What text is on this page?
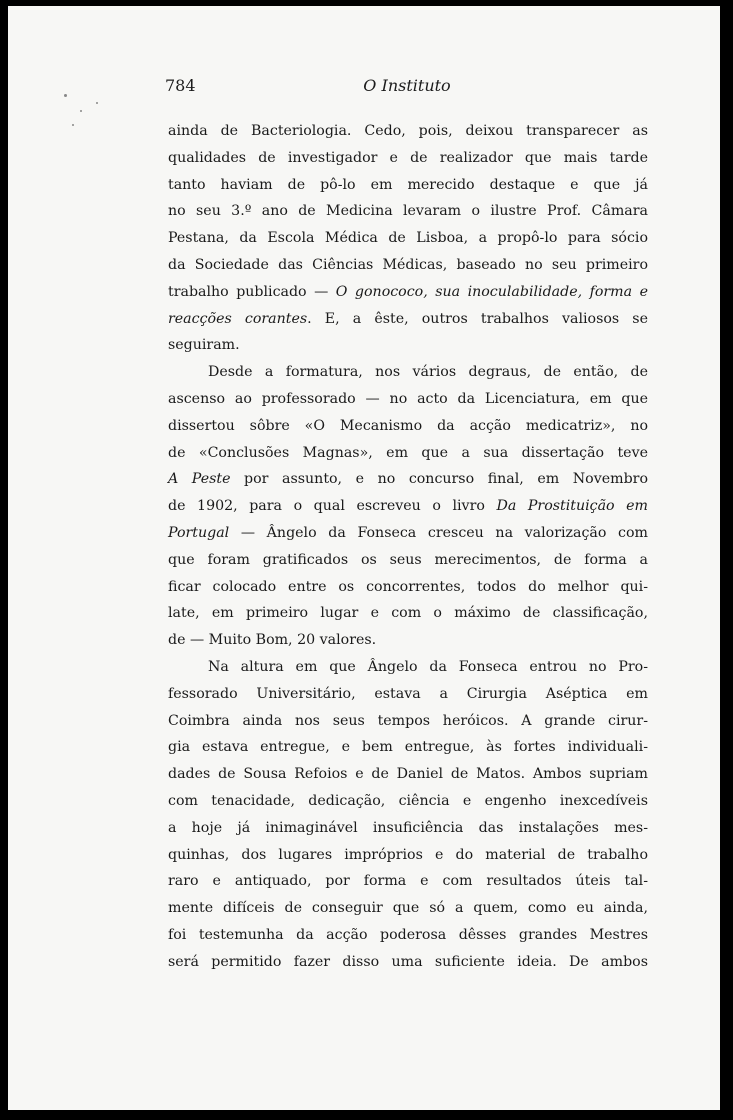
784	O Instituto
ainda de Bacteriologia. Cedo, pois, deixou transparecer as
qualidades de investigador e de realizador que mais tarde
tanto haviam de pô-lo em merecido destaque e que já
no seu 3.º ano de Medicina levaram o ilustre Prof. Câmara
Pestana, da Escola Médica de Lisboa, a propô-lo para sócio
da Sociedade das Ciências Médicas, baseado no seu primeiro
trabalho publicado — O gonococo, sua inoculabilidade, forma e
reacções corantes. E, a êste, outros trabalhos valiosos se
seguiram.
Desde a formatura, nos vários degraus, de então, de
ascenso ao professorado — no acto da Licenciatura, em que
dissertou sôbre «O Mecanismo da acção medicatriz», no
de «Conclusões Magnas», em que a sua dissertação teve
A Peste por assunto, e no concurso final, em Novembro
de 1902, para o qual escreveu o livro Da Prostituição em
Portugal — Ângelo da Fonseca cresceu na valorização com
que foram gratificados os seus merecimentos, de forma a
ficar colocado entre os concorrentes, todos do melhor qui-
late, em primeiro lugar e com o máximo de classificação,
de — Muito Bom, 20 valores.
Na altura em que Ângelo da Fonseca entrou no Pro-
fessorado Universitário, estava a Cirurgia Aséptica em
Coimbra ainda nos seus tempos heróicos. A grande cirur-
gia estava entregue, e bem entregue, às fortes individuali-
dades de Sousa Refoios e de Daniel de Matos. Ambos supriam
com tenacidade, dedicação, ciência e engenho inexcedíveis
a hoje já inimaginável insuficiência das instalações mes-
quinhas, dos lugares impróprios e do material de trabalho
raro e antiquado, por forma e com resultados úteis tal-
mente difíceis de conseguir que só a quem, como eu ainda,
foi testemunha da acção poderosa dêsses grandes Mestres
será permitido fazer disso uma suficiente ideia. De ambos
